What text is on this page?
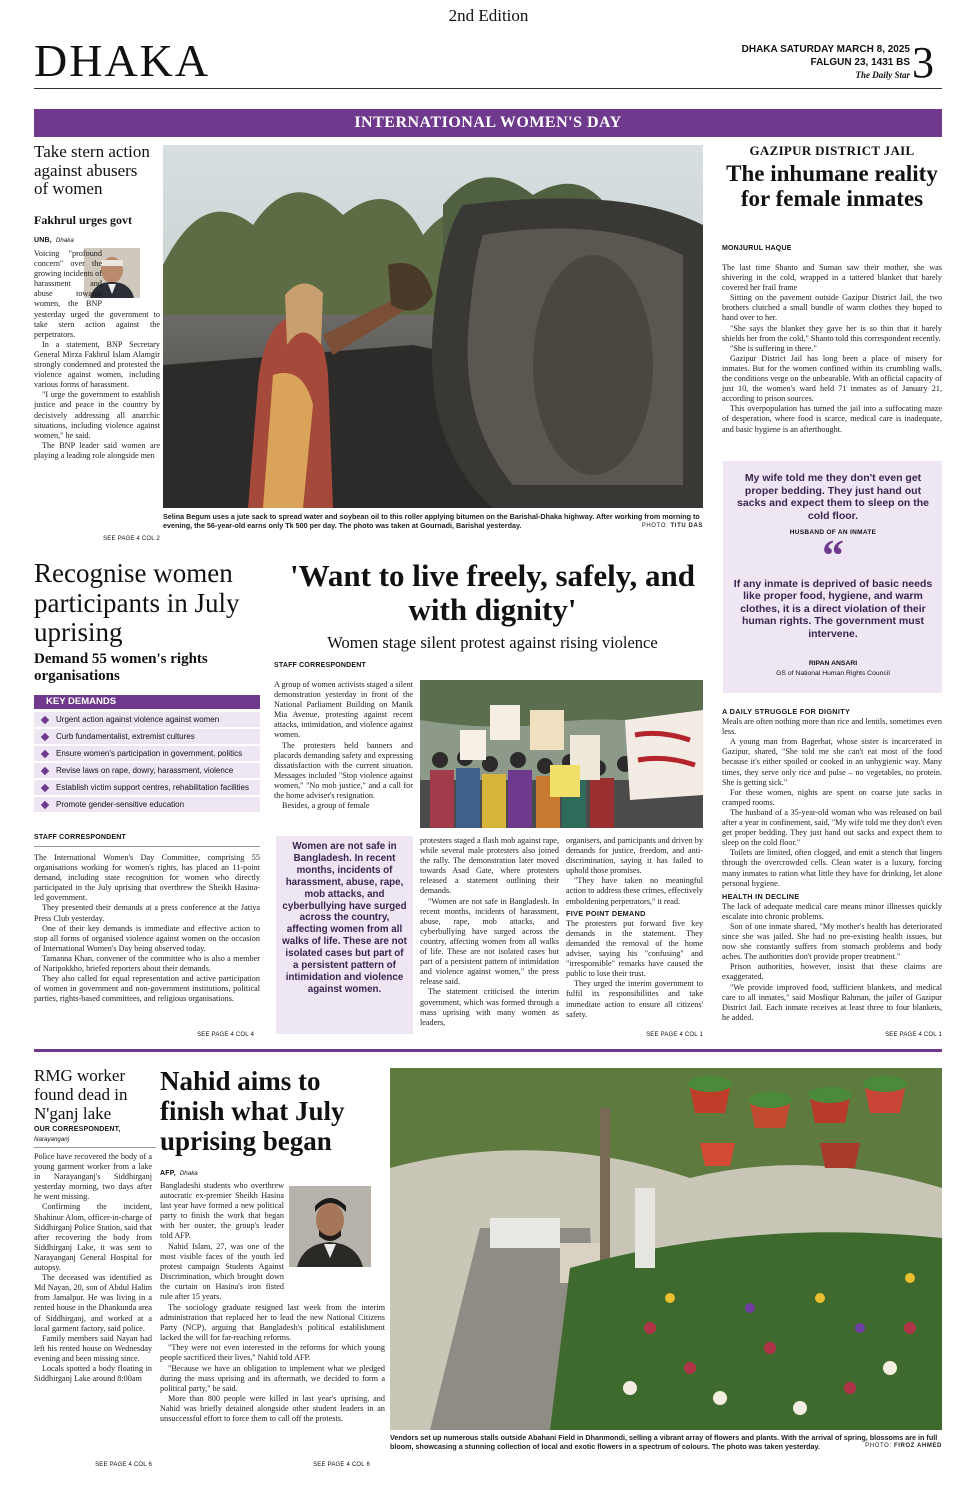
2nd Edition
DHAKA	DHAKA SATURDAY MARCH 8, 2025
FALGUN 23, 1431 BS
The Daily Star 3
INTERNATIONAL WOMEN'S DAY
Take stern action against abusers of women
Fakhrul urges govt
UNB, Dhaka

Voicing "profound concern" over the growing incidents of harassment and abuse towards women, the BNP yesterday urged the government to take stern action against the perpetrators.

In a statement, BNP Secretary General Mirza Fakhrul Islam Alamgir strongly condemned and protested the violence against women, including various forms of harassment.

"I urge the government to establish justice and peace in the country by decisively addressing all anarchic situations, including violence against women," he said.

The BNP leader said women are playing a leading role alongside men

SEE PAGE 4 COL 2
Selina Begum uses a jute sack to spread water and soybean oil to this roller applying bitumen on the Barishal-Dhaka highway. After working from morning to evening, the 56-year-old earns only Tk 500 per day. The photo was taken at Gournadi, Barishal yesterday.	PHOTO: TITU DAS
GAZIPUR DISTRICT JAIL
The inhumane reality for female inmates
MONJURUL HAQUE

The last time Shanto and Suman saw their mother, she was shivering in the cold, wrapped in a tattered blanket that barely covered her frail frame

Sitting on the pavement outside Gazipur District Jail, the two brothers clutched a small bundle of warm clothes they hoped to hand over to her.

"She says the blanket they gave her is so thin that it barely shields her from the cold," Shanto told this correspondent recently.

"She is suffering in there."

Gazipur District Jail has long been a place of misery for inmates. But for the women confined within its crumbling walls, the conditions verge on the unbearable. With an official capacity of just 10, the women's ward held 71 inmates as of January 21, according to prison sources.

This overpopulation has turned the jail into a suffocating maze of desperation, where food is scarce, medical care is inadequate, and basic hygiene is an afterthought.

My wife told me they don't even get proper bedding. They just hand out sacks and expect them to sleep on the cold floor.
HUSBAND OF AN INMATE
“
If any inmate is deprived of basic needs like proper food, hygiene, and warm clothes, it is a direct violation of their human rights. The government must intervene.
RIPAN ANSARI
GS of National Human Rights Council
A DAILY STRUGGLE FOR DIGNITY

Meals are often nothing more than rice and lentils, sometimes even less.

A young man from Bagerhat, whose sister is incarcerated in Gazipur, shared, "She told me she can't eat most of the food because it's either spoiled or cooked in an unhygienic way. Many times, they serve only rice and pulse – no vegetables, no protein. She is getting sick."

For these women, nights are spent on coarse jute sacks in cramped rooms.

The husband of a 35-year-old woman who was released on bail after a year in confinement, said, "My wife told me they don't even get proper bedding. They just hand out sacks and expect them to sleep on the cold floor."

Toilets are limited, often clogged, and emit a stench that lingers through the overcrowded cells. Clean water is a luxury, forcing many inmates to ration what little they have for drinking, let alone personal hygiene.

HEALTH IN DECLINE

The lack of adequate medical care means minor illnesses quickly escalate into chronic problems.

Son of one inmate shared, "My mother's health has deteriorated since she was jailed. She had no pre-existing health issues, but now she constantly suffers from stomach problems and body aches. The authorities don't provide proper treatment."

Prison authorities, however, insist that these claims are exaggerated.

"We provide improved food, sufficient blankets, and medical care to all inmates," said Mosfiqur Rahman, the jailer of Gazipur District Jail. Each inmate receives at least three to four blankets, he added.

SEE PAGE 4 COL 1
Recognise women participants in July uprising
Demand 55 women's rights organisations
KEY DEMANDS
Urgent action against violence against women
Curb fundamentalist, extremist cultures
Ensure women's participation in government, politics
Revise laws on rape, dowry, harassment, violence
Establish victim support centres, rehabilitation facilities
Promote gender-sensitive education
STAFF CORRESPONDENT

The International Women's Day Committee, comprising 55 organisations working for women's rights, has placed an 11-point demand, including state recognition for women who directly participated in the July uprising that overthrew the Sheikh Hasina-led government.

They presented their demands at a press conference at the Jatiya Press Club yesterday.

One of their key demands is immediate and effective action to stop all forms of organised violence against women on the occasion of International Women's Day being observed today.

Tamanna Khan, convener of the committee who is also a member of Naripokkho, briefed reporters about their demands.

They also called for equal representation and active participation of women in government and non-government institutions, political parties, rights-based committees, and religious organisations.

SEE PAGE 4 COL 4
'Want to live freely, safely, and with dignity'
Women stage silent protest against rising violence
STAFF CORRESPONDENT

A group of women activists staged a silent demonstration yesterday in front of the National Parliament Building on Manik Mia Avenue, protesting against recent attacks, intimidation, and violence against women.

The protesters held banners and placards demanding safety and expressing dissatisfaction with the current situation. Messages included "Stop violence against women," "No mob justice," and a call for the home adviser's resignation.

Besides, a group of female

Women are not safe in Bangladesh. In recent months, incidents of harassment, abuse, rape, mob attacks, and cyberbullying have surged across the country, affecting women from all walks of life. These are not isolated cases but part of a persistent pattern of intimidation and violence against women.

protesters staged a flash mob against rape, while several male protesters also joined the rally. The demonstration later moved towards Asad Gate, where protesters released a statement outlining their demands.

"Women are not safe in Bangladesh. In recent months, incidents of harassment, abuse, rape, mob attacks, and cyberbullying have surged across the country, affecting women from all walks of life. These are not isolated cases but part of a persistent pattern of intimidation and violence against women," the press release said.

The statement criticised the interim government, which was formed through a mass uprising with many women as leaders,

organisers, and participants and driven by demands for justice, freedom, and anti-discrimination, saying it has failed to uphold those promises.

"They have taken no meaningful action to address these crimes, effectively emboldening perpetrators," it read.

FIVE POINT DEMAND

The protesters put forward five key demands in the statement. They demanded the removal of the home adviser, saying his "confusing" and "irresponsible" remarks have caused the public to lose their trust.

They urged the interim government to fulfil its responsibilities and take immediate action to ensure all citizens' safety.

SEE PAGE 4 COL 1
RMG worker found dead in N'ganj lake
OUR CORRESPONDENT,
Narayanganj

Police have recovered the body of a young garment worker from a lake in Narayanganj's Siddhirganj yesterday morning, two days after he went missing.

Confirming the incident, Shahinur Alom, officer-in-charge of Siddhirganj Police Station, said that after recovering the body from Siddhirganj Lake, it was sent to Narayanganj General Hospital for autopsy.

The deceased was identified as Md Nayan, 20, son of Abdul Halim from Jamalpur. He was living in a rented house in the Dhankunda area of Siddhirganj, and worked at a local garment factory, said police.

Family members said Nayan had left his rented house on Wednesday evening and been missing since.

Locals spotted a body floating in Siddhirganj Lake around 8:00am

SEE PAGE 4 COL 6
Nahid aims to finish what July uprising began
AFP, Dhaka

Bangladeshi students who overthrew autocratic ex-premier Sheikh Hasina last year have formed a new political party to finish the work that began with her ouster, the group's leader told AFP.

Nahid Islam, 27, was one of the most visible faces of the youth led protest campaign Students Against Discrimination, which brought down the curtain on Hasina's iron fisted rule after 15 years.

The sociology graduate resigned last week from the interim administration that replaced her to lead the new National Citizens Party (NCP), arguing that Bangladesh's political establishment lacked the will for far-reaching reforms.

"They were not even interested in the reforms for which young people sacrificed their lives," Nahid told AFP.

"Because we have an obligation to implement what we pledged during the mass uprising and its aftermath, we decided to form a political party," he said.

More than 800 people were killed in last year's uprising, and Nahid was briefly detained alongside other student leaders in an unsuccessful effort to force them to call off the protests.

SEE PAGE 4 COL 6
Vendors set up numerous stalls outside Abahani Field in Dhanmondi, selling a vibrant array of flowers and plants. With the arrival of spring, blossoms are in full bloom, showcasing a stunning collection of local and exotic flowers in a spectrum of colours. The photo was taken yesterday.	PHOTO: FIROZ AHMED
